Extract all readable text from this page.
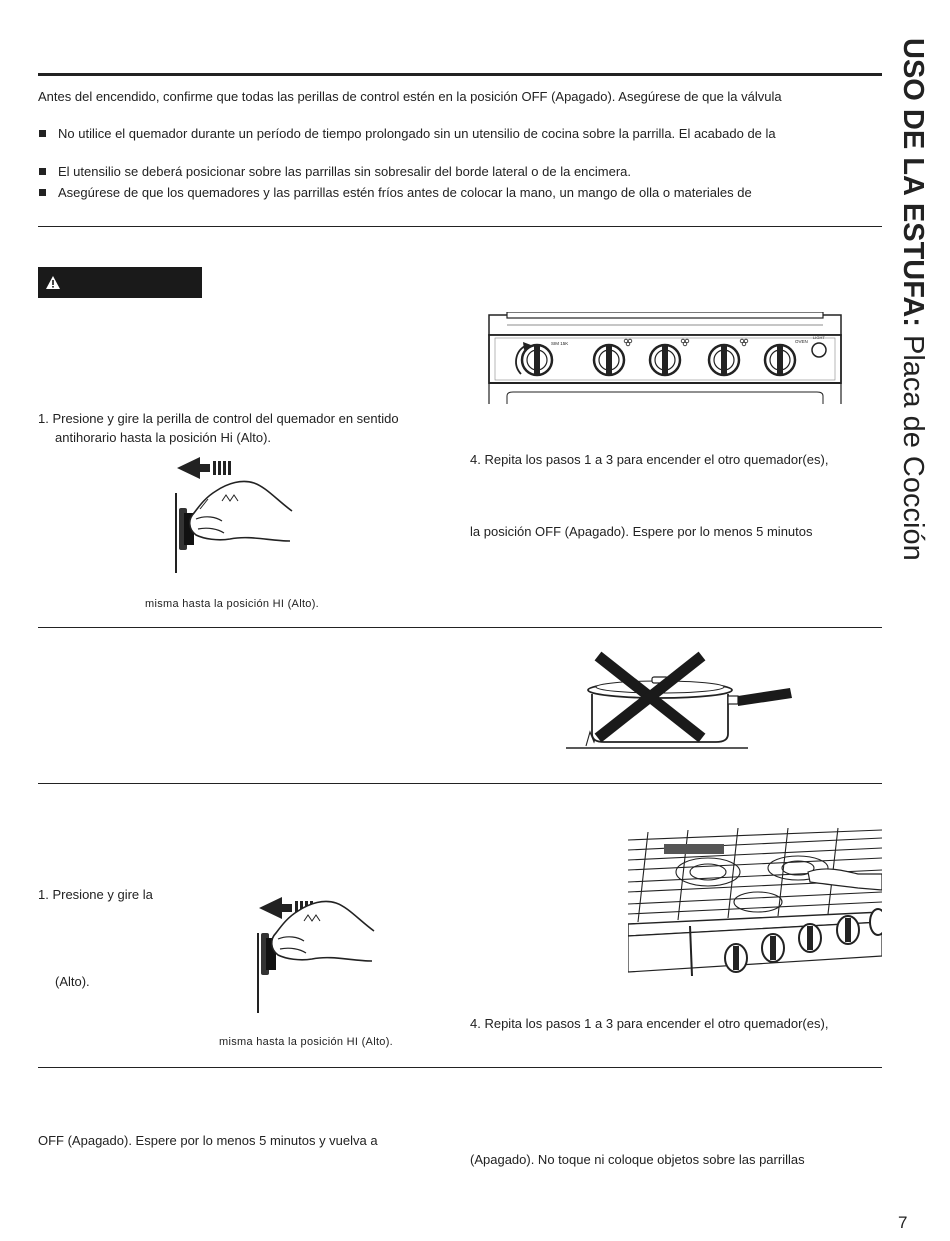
USO DE LA ESTUFA: Placa de Cocción
Antes del encendido, confirme que todas las perillas de control estén en la posición OFF (Apagado). Asegúrese de que la válvula
No utilice el quemador durante un período de tiempo prolongado sin un utensilio de cocina sobre la parrilla. El acabado de la
El utensilio se deberá posicionar sobre las parrillas sin sobresalir del borde lateral o de la encimera.
Asegúrese de que los quemadores y las parrillas estén fríos antes de colocar la mano, un mango de olla o materiales de
1. Presione y gire la perilla de control del quemador en sentido
antihorario hasta la posición Hi (Alto).
misma hasta la posición HI (Alto).
SIM 15K	OVEN
LIGHT
4. Repita los pasos 1 a 3 para encender el otro quemador(es),
la posición OFF (Apagado). Espere por lo menos 5 minutos
1. Presione y gire la
(Alto).
misma hasta la posición HI (Alto).
4. Repita los pasos 1 a 3 para encender el otro quemador(es),
OFF (Apagado). Espere por lo menos 5 minutos y vuelva a
(Apagado). No toque ni coloque objetos sobre las parrillas
7
